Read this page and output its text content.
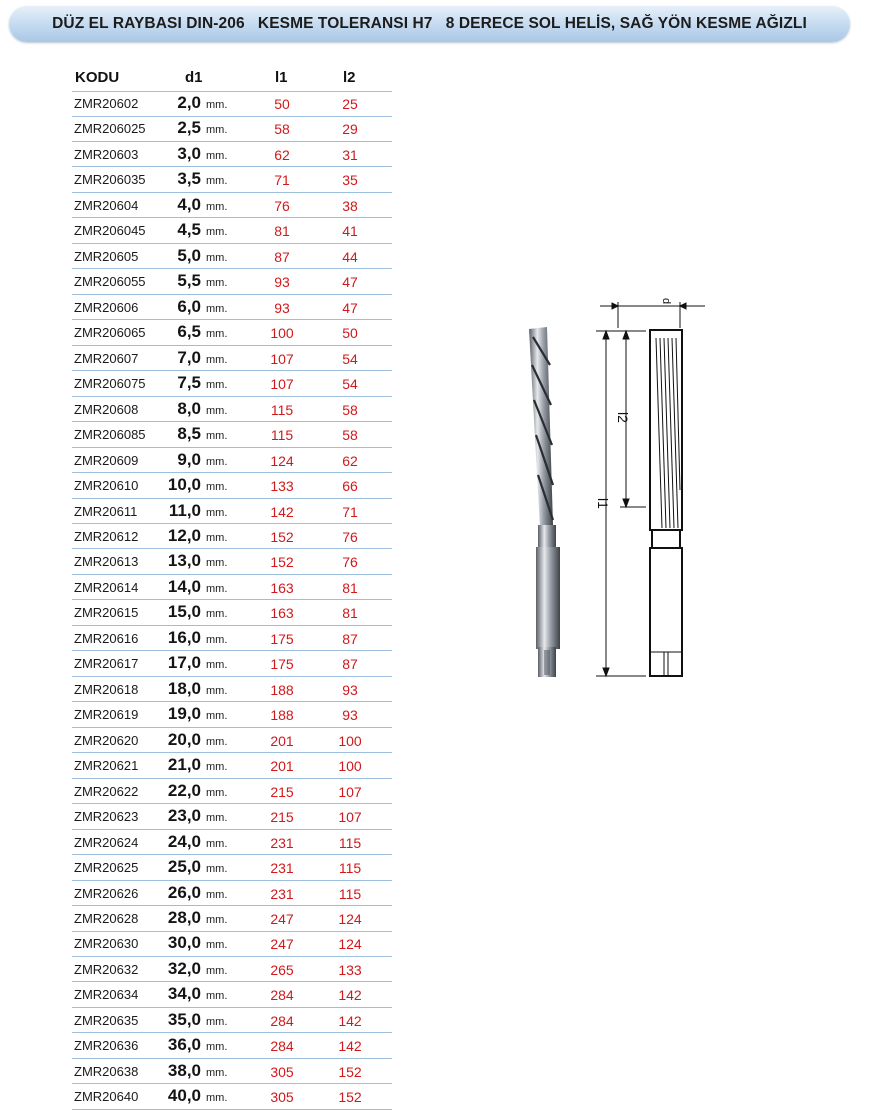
DÜZ EL RAYBASI DIN-206   KESME TOLERANSI H7   8 DERECE SOL HELİS, SAĞ YÖN KESME AĞIZLI
KODU	d1	l1	l2
ZMR20602	2,0 mm.	50	25
ZMR206025	2,5 mm.	58	29
ZMR20603	3,0 mm.	62	31
ZMR206035	3,5 mm.	71	35
ZMR20604	4,0 mm.	76	38
ZMR206045	4,5 mm.	81	41
ZMR20605	5,0 mm.	87	44
ZMR206055	5,5 mm.	93	47
ZMR20606	6,0 mm.	93	47
ZMR206065	6,5 mm.	100	50
ZMR20607	7,0 mm.	107	54
ZMR206075	7,5 mm.	107	54
ZMR20608	8,0 mm.	115	58
ZMR206085	8,5 mm.	115	58
ZMR20609	9,0 mm.	124	62
ZMR20610	10,0 mm.	133	66
ZMR20611	11,0 mm.	142	71
ZMR20612	12,0 mm.	152	76
ZMR20613	13,0 mm.	152	76
ZMR20614	14,0 mm.	163	81
ZMR20615	15,0 mm.	163	81
ZMR20616	16,0 mm.	175	87
ZMR20617	17,0 mm.	175	87
ZMR20618	18,0 mm.	188	93
ZMR20619	19,0 mm.	188	93
ZMR20620	20,0 mm.	201	100
ZMR20621	21,0 mm.	201	100
ZMR20622	22,0 mm.	215	107
ZMR20623	23,0 mm.	215	107
ZMR20624	24,0 mm.	231	115
ZMR20625	25,0 mm.	231	115
ZMR20626	26,0 mm.	231	115
ZMR20628	28,0 mm.	247	124
ZMR20630	30,0 mm.	247	124
ZMR20632	32,0 mm.	265	133
ZMR20634	34,0 mm.	284	142
ZMR20635	35,0 mm.	284	142
ZMR20636	36,0 mm.	284	142
ZMR20638	38,0 mm.	305	152
ZMR20640	40,0 mm.	305	152
d
l1
l2
